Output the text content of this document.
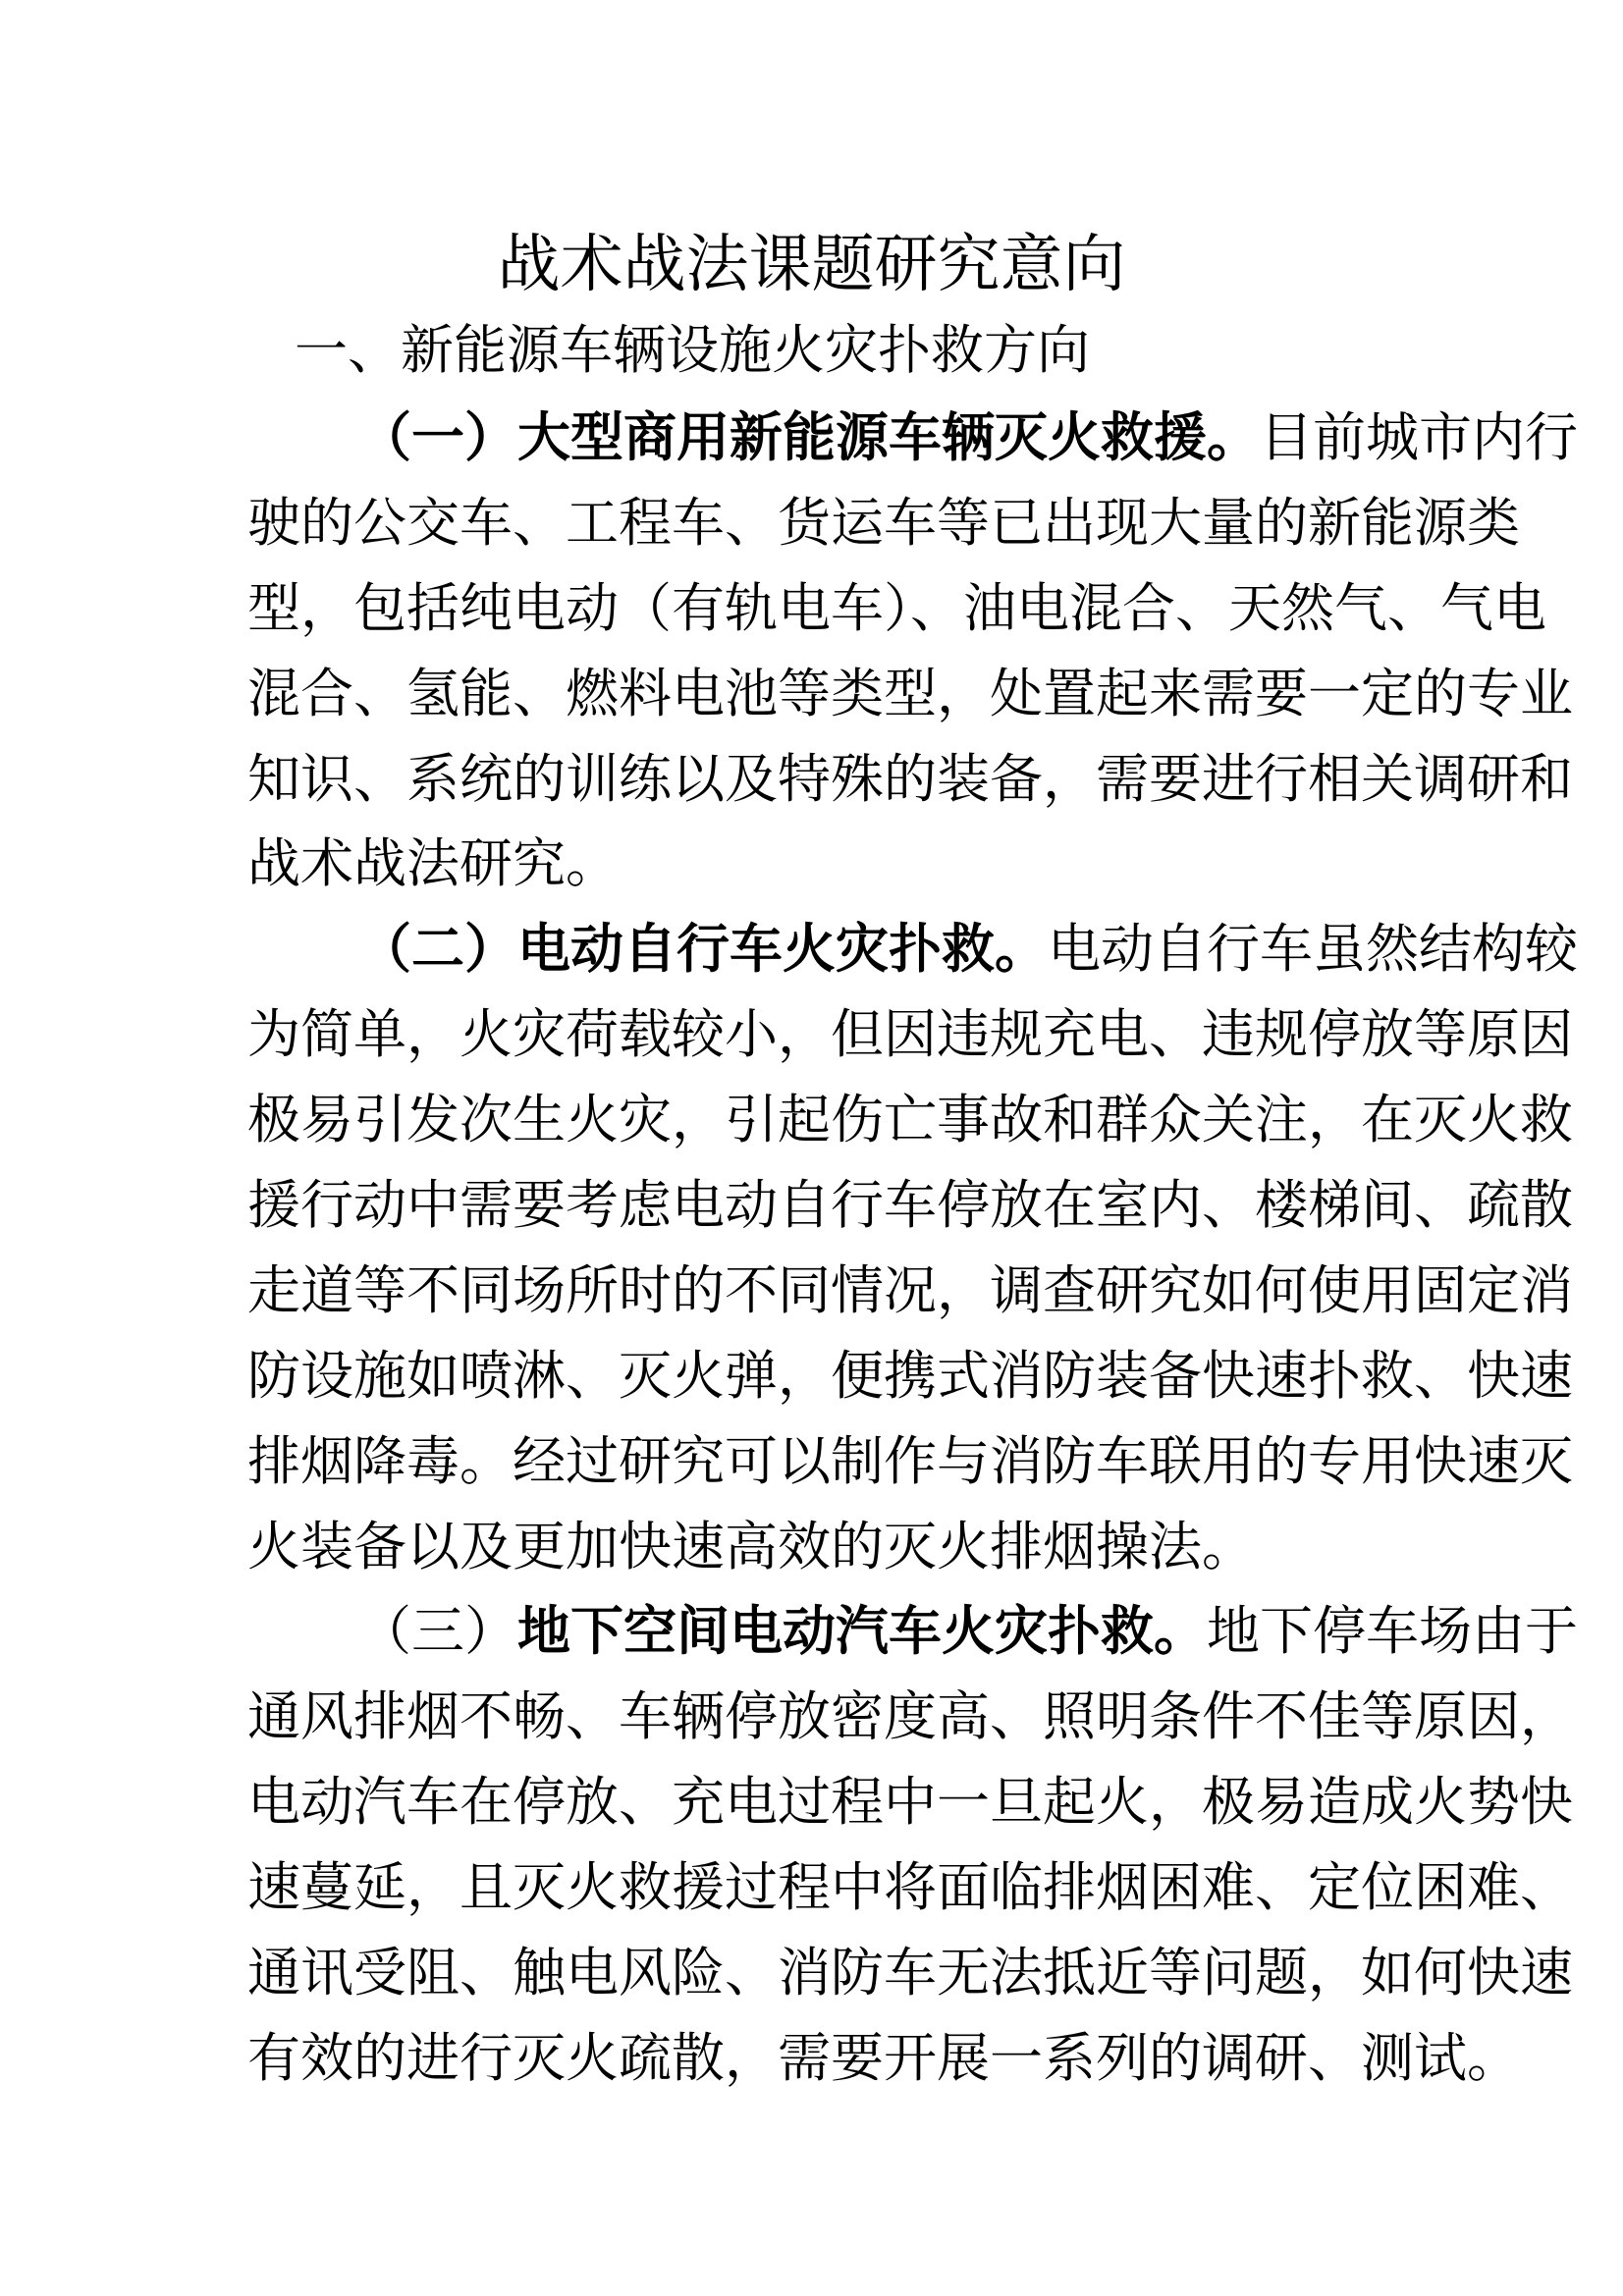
战术战法课题研究意向
一、新能源车辆设施火灾扑救方向
（一）大型商用新能源车辆灭火救援。目前城市内行
驶的公交车、工程车、货运车等已出现大量的新能源类
型，包括纯电动（有轨电车）、油电混合、天然气、气电
混合、氢能、燃料电池等类型，处置起来需要一定的专业
知识、系统的训练以及特殊的装备，需要进行相关调研和
战术战法研究。
（二）电动自行车火灾扑救。电动自行车虽然结构较
为简单，火灾荷载较小，但因违规充电、违规停放等原因
极易引发次生火灾，引起伤亡事故和群众关注，在灭火救
援行动中需要考虑电动自行车停放在室内、楼梯间、疏散
走道等不同场所时的不同情况，调查研究如何使用固定消
防设施如喷淋、灭火弹，便携式消防装备快速扑救、快速
排烟降毒。经过研究可以制作与消防车联用的专用快速灭
火装备以及更加快速高效的灭火排烟操法。
（三）地下空间电动汽车火灾扑救。地下停车场由于
通风排烟不畅、车辆停放密度高、照明条件不佳等原因，
电动汽车在停放、充电过程中一旦起火，极易造成火势快
速蔓延，且灭火救援过程中将面临排烟困难、定位困难、
通讯受阻、触电风险、消防车无法抵近等问题，如何快速
有效的进行灭火疏散，需要开展一系列的调研、测试。
